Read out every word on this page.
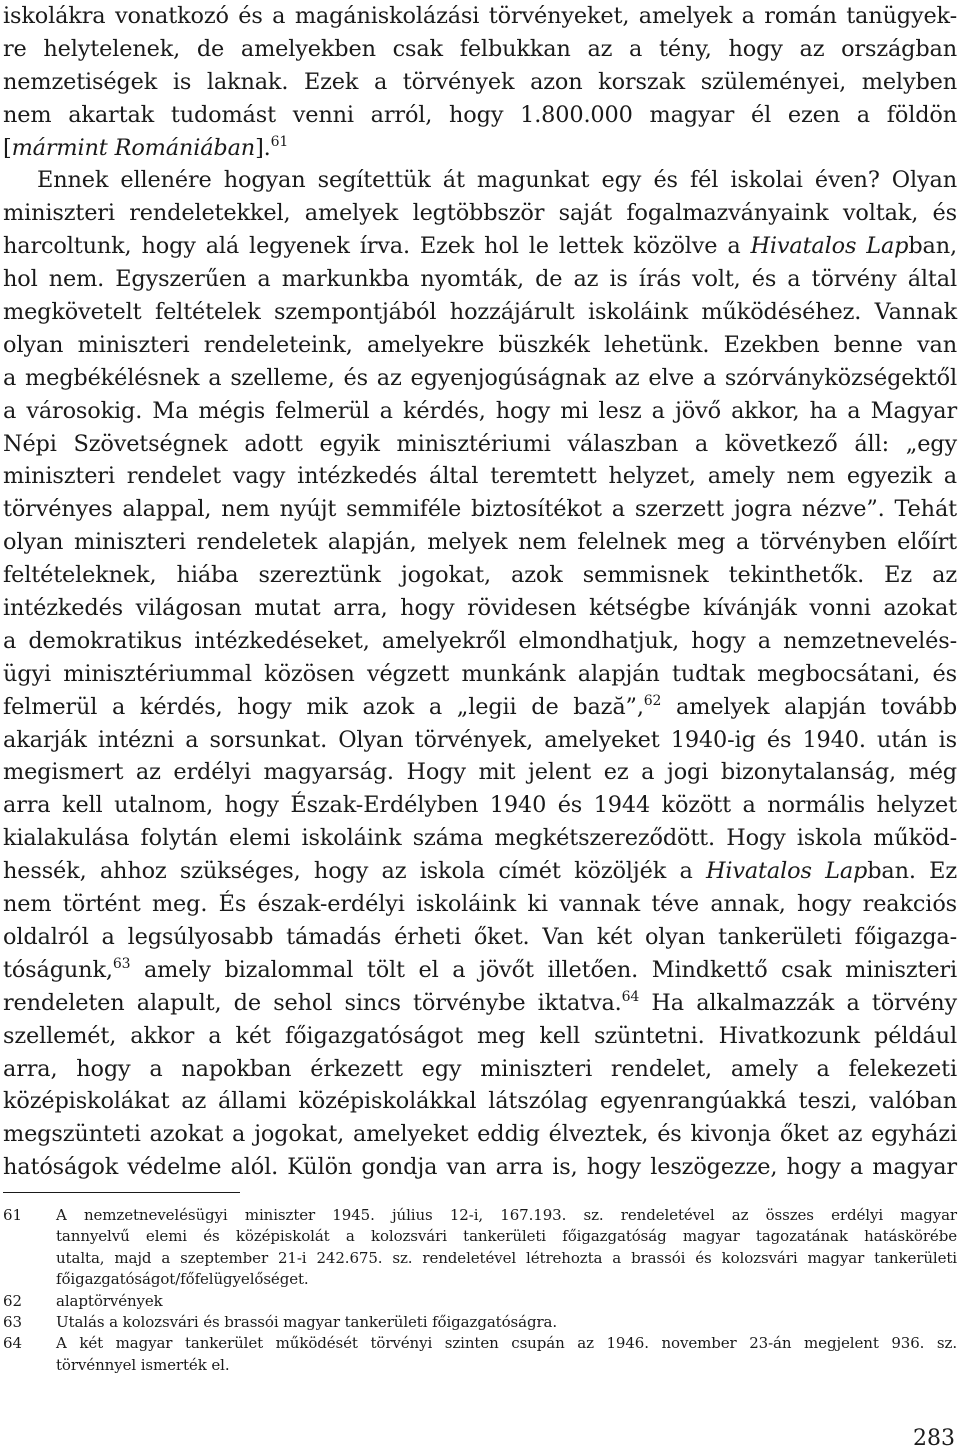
iskolákra vonatkozó és a magániskolázási törvényeket, amelyek a román tanügyek-
re helytelenek, de amelyekben csak felbukkan az a tény, hogy az országban
nemzetiségek is laknak. Ezek a törvények azon korszak szüleményei, melyben
nem akartak tudomást venni arról, hogy 1.800.000 magyar él ezen a földön
[mármint Romániában].$^{61}$
Ennek ellenére hogyan segítettük át magunkat egy és fél iskolai éven? Olyan
miniszteri rendeletekkel, amelyek legtöbbször saját fogalmazványaink voltak, és
harcoltunk, hogy alá legyenek írva. Ezek hol le lettek közölve a Hivatalos Lapban,
hol nem. Egyszerűen a markunkba nyomták, de az is írás volt, és a törvény által
megkövetelt feltételek szempontjából hozzájárult iskoláink működéséhez. Vannak
olyan miniszteri rendeleteink, amelyekre büszkék lehetünk. Ezekben benne van
a megbékélésnek a szelleme, és az egyenjogúságnak az elve a szórványközségektől
a városokig. Ma mégis felmerül a kérdés, hogy mi lesz a jövő akkor, ha a Magyar
Népi Szövetségnek adott egyik minisztériumi válaszban a következő áll: „egy
miniszteri rendelet vagy intézkedés által teremtett helyzet, amely nem egyezik a
törvényes alappal, nem nyújt semmiféle biztosítékot a szerzett jogra nézve”. Tehát
olyan miniszteri rendeletek alapján, melyek nem felelnek meg a törvényben előírt
feltételeknek, hiába szereztünk jogokat, azok semmisnek tekinthetők. Ez az
intézkedés világosan mutat arra, hogy rövidesen kétségbe kívánják vonni azokat
a demokratikus intézkedéseket, amelyekről elmondhatjuk, hogy a nemzetnevelés-
ügyi minisztériummal közösen végzett munkánk alapján tudtak megbocsátani, és
felmerül a kérdés, hogy mik azok a „legii de bază”,$^{62}$ amelyek alapján tovább
akarják intézni a sorsunkat. Olyan törvények, amelyeket 1940-ig és 1940. után is
megismert az erdélyi magyarság. Hogy mit jelent ez a jogi bizonytalanság, még
arra kell utalnom, hogy Észak-Erdélyben 1940 és 1944 között a normális helyzet
kialakulása folytán elemi iskoláink száma megkétszereződött. Hogy iskola működ-
hessék, ahhoz szükséges, hogy az iskola címét közöljék a Hivatalos Lapban. Ez
nem történt meg. És észak-erdélyi iskoláink ki vannak téve annak, hogy reakciós
oldalról a legsúlyosabb támadás érheti őket. Van két olyan tankerületi főigazga-
tóságunk,$^{63}$ amely bizalommal tölt el a jövőt illetően. Mindkettő csak miniszteri
rendeleten alapult, de sehol sincs törvénybe iktatva.$^{64}$ Ha alkalmazzák a törvény
szellemét, akkor a két főigazgatóságot meg kell szüntetni. Hivatkozunk például
arra, hogy a napokban érkezett egy miniszteri rendelet, amely a felekezeti
középiskolákat az állami középiskolákkal látszólag egyenrangúakká teszi, valóban
megszünteti azokat a jogokat, amelyeket eddig élveztek, és kivonja őket az egyházi
hatóságok védelme alól. Külön gondja van arra is, hogy leszögezze, hogy a magyar
61	A nemzetnevelésügyi miniszter 1945. július 12-i, 167.193. sz. rendeletével az összes erdélyi magyar
tannyelvű elemi és középiskolát a kolozsvári tankerületi főigazgatóság magyar tagozatának hatáskörébe
utalta, majd a szeptember 21-i 242.675. sz. rendeletével létrehozta a brassói és kolozsvári magyar tankerületi
főigazgatóságot/főfelügyelőséget.
62	alaptörvények
63	Utalás a kolozsvári és brassói magyar tankerületi főigazgatóságra.
64	A két magyar tankerület működését törvényi szinten csupán az 1946. november 23-án megjelent 936. sz.
törvénnyel ismerték el.
283
